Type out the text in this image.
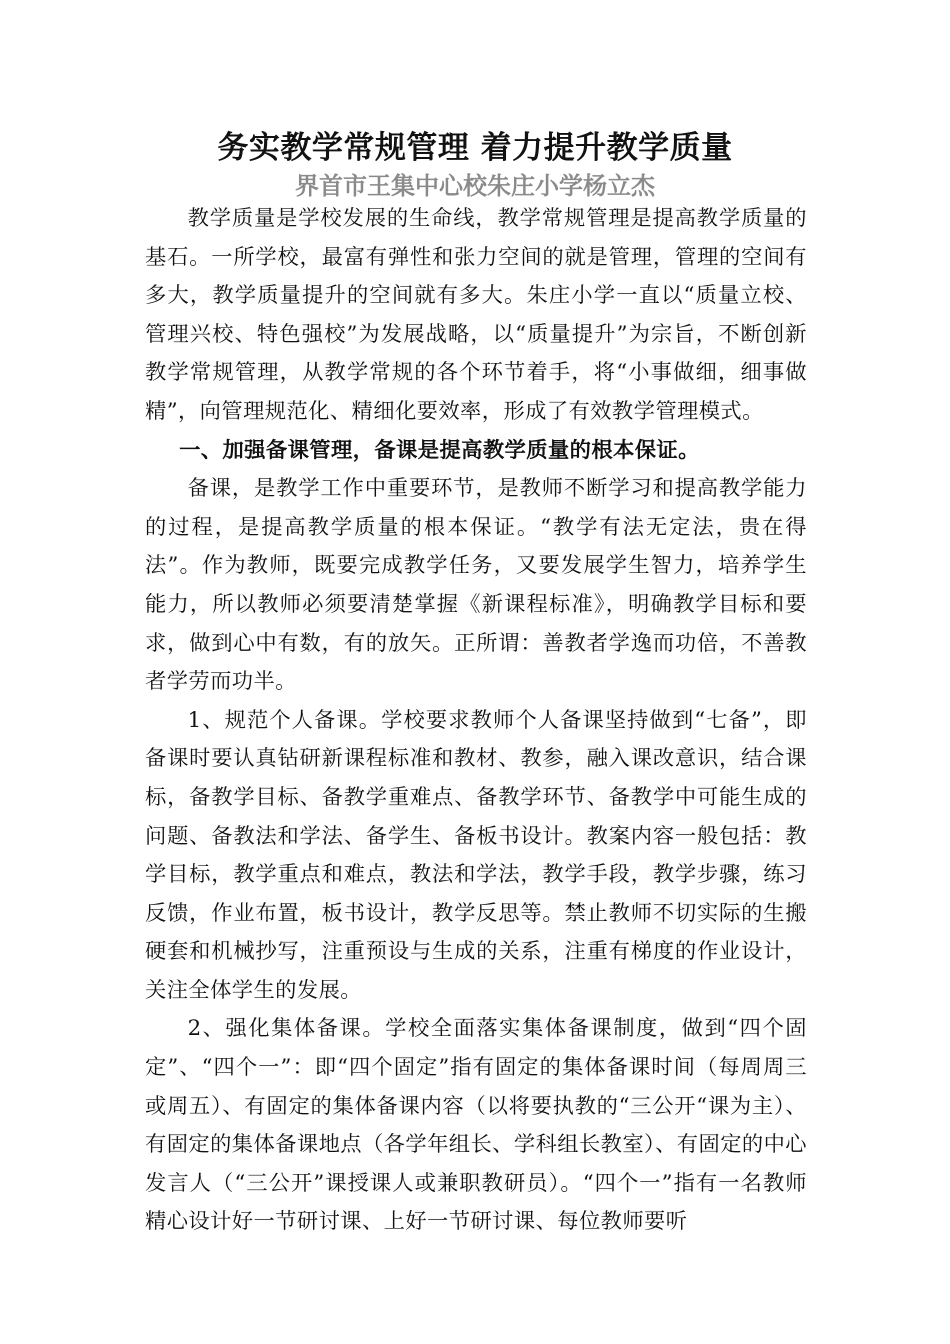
务实教学常规管理 着力提升教学质量
界首市王集中心校朱庄小学杨立杰

教学质量是学校发展的生命线，教学常规管理是提高教学质量的基石。一所学校，最富有弹性和张力空间的就是管理，管理的空间有多大，教学质量提升的空间就有多大。朱庄小学一直以“质量立校、管理兴校、特色强校”为发展战略，以“质量提升”为宗旨，不断创新教学常规管理，从教学常规的各个环节着手，将“小事做细，细事做精”，向管理规范化、精细化要效率，形成了有效教学管理模式。

一、加强备课管理，备课是提高教学质量的根本保证。

备课，是教学工作中重要环节，是教师不断学习和提高教学能力的过程，是提高教学质量的根本保证。“教学有法无定法，贵在得法”。作为教师，既要完成教学任务，又要发展学生智力，培养学生能力，所以教师必须要清楚掌握《新课程标准》，明确教学目标和要求，做到心中有数，有的放矢。正所谓：善教者学逸而功倍，不善教者学劳而功半。

1、规范个人备课。学校要求教师个人备课坚持做到“七备”，即备课时要认真钻研新课程标准和教材、教参，融入课改意识，结合课标，备教学目标、备教学重难点、备教学环节、备教学中可能生成的问题、备教法和学法、备学生、备板书设计。教案内容一般包括：教学目标，教学重点和难点，教法和学法，教学手段，教学步骤，练习反馈，作业布置，板书设计，教学反思等。禁止教师不切实际的生搬硬套和机械抄写，注重预设与生成的关系，注重有梯度的作业设计，关注全体学生的发展。

2、强化集体备课。学校全面落实集体备课制度，做到“四个固定”、“四个一”：即“四个固定”指有固定的集体备课时间（每周周三或周五）、有固定的集体备课内容（以将要执教的“三公开“课为主）、有固定的集体备课地点（各学年组长、学科组长教室）、有固定的中心发言人（“三公开”课授课人或兼职教研员）。“四个一”指有一名教师精心设计好一节研讨课、上好一节研讨课、每位教师要听
